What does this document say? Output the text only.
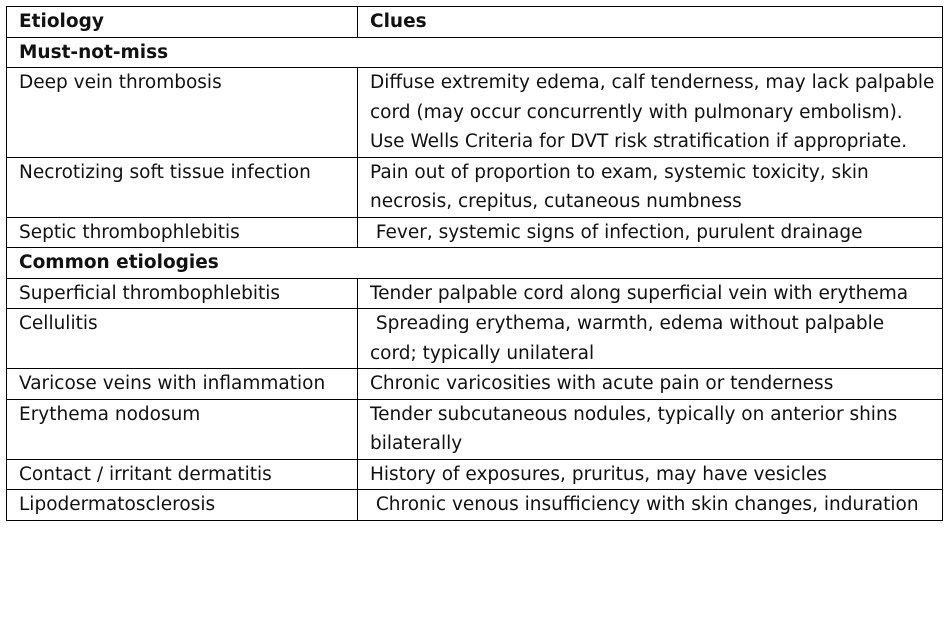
Etiology	Clues
Must-not-miss	
Deep vein thrombosis	Diffuse extremity edema, calf tenderness, may lack palpable cord (may occur concurrently with pulmonary embolism). Use Wells Criteria for DVT risk stratification if appropriate.
Necrotizing soft tissue infection	Pain out of proportion to exam, systemic toxicity, skin necrosis, crepitus, cutaneous numbness
Septic thrombophlebitis	Fever, systemic signs of infection, purulent drainage
Common etiologies	
Superficial thrombophlebitis	Tender palpable cord along superficial vein with erythema
Cellulitis	Spreading erythema, warmth, edema without palpable cord; typically unilateral
Varicose veins with inflammation	Chronic varicosities with acute pain or tenderness
Erythema nodosum	Tender subcutaneous nodules, typically on anterior shins bilaterally
Contact / irritant dermatitis	History of exposures, pruritus, may have vesicles
Lipodermatosclerosis	Chronic venous insufficiency with skin changes, induration
